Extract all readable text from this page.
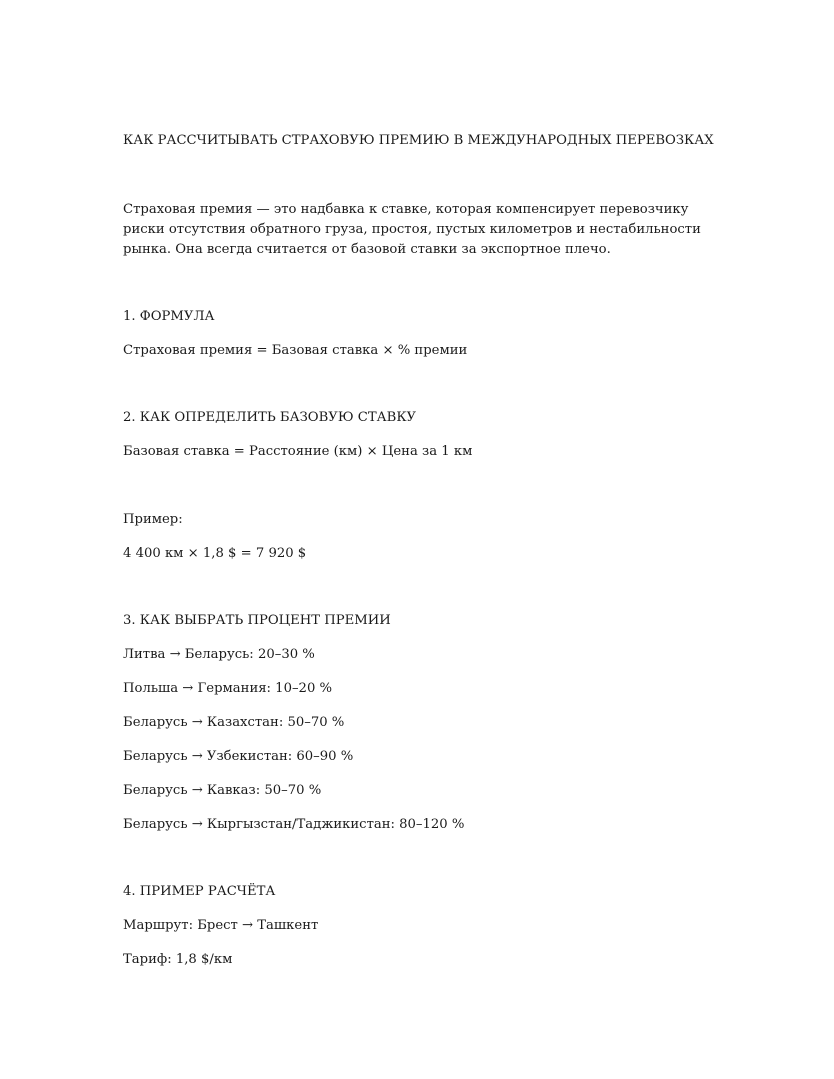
КАК РАССЧИТЫВАТЬ СТРАХОВУЮ ПРЕМИЮ В МЕЖДУНАРОДНЫХ ПЕРЕВОЗКАХ
Страховая премия — это надбавка к ставке, которая компенсирует перевозчику
риски отсутствия обратного груза, простоя, пустых километров и нестабильности
рынка. Она всегда считается от базовой ставки за экспортное плечо.
1. ФОРМУЛА
Страховая премия = Базовая ставка × % премии
2. КАК ОПРЕДЕЛИТЬ БАЗОВУЮ СТАВКУ
Базовая ставка = Расстояние (км) × Цена за 1 км
Пример:
4 400 км × 1,8 $ = 7 920 $
3. КАК ВЫБРАТЬ ПРОЦЕНТ ПРЕМИИ
Литва → Беларусь: 20–30 %
Польша → Германия: 10–20 %
Беларусь → Казахстан: 50–70 %
Беларусь → Узбекистан: 60–90 %
Беларусь → Кавказ: 50–70 %
Беларусь → Кыргызстан/Таджикистан: 80–120 %
4. ПРИМЕР РАСЧЁТА
Маршрут: Брест → Ташкент
Тариф: 1,8 $/км
